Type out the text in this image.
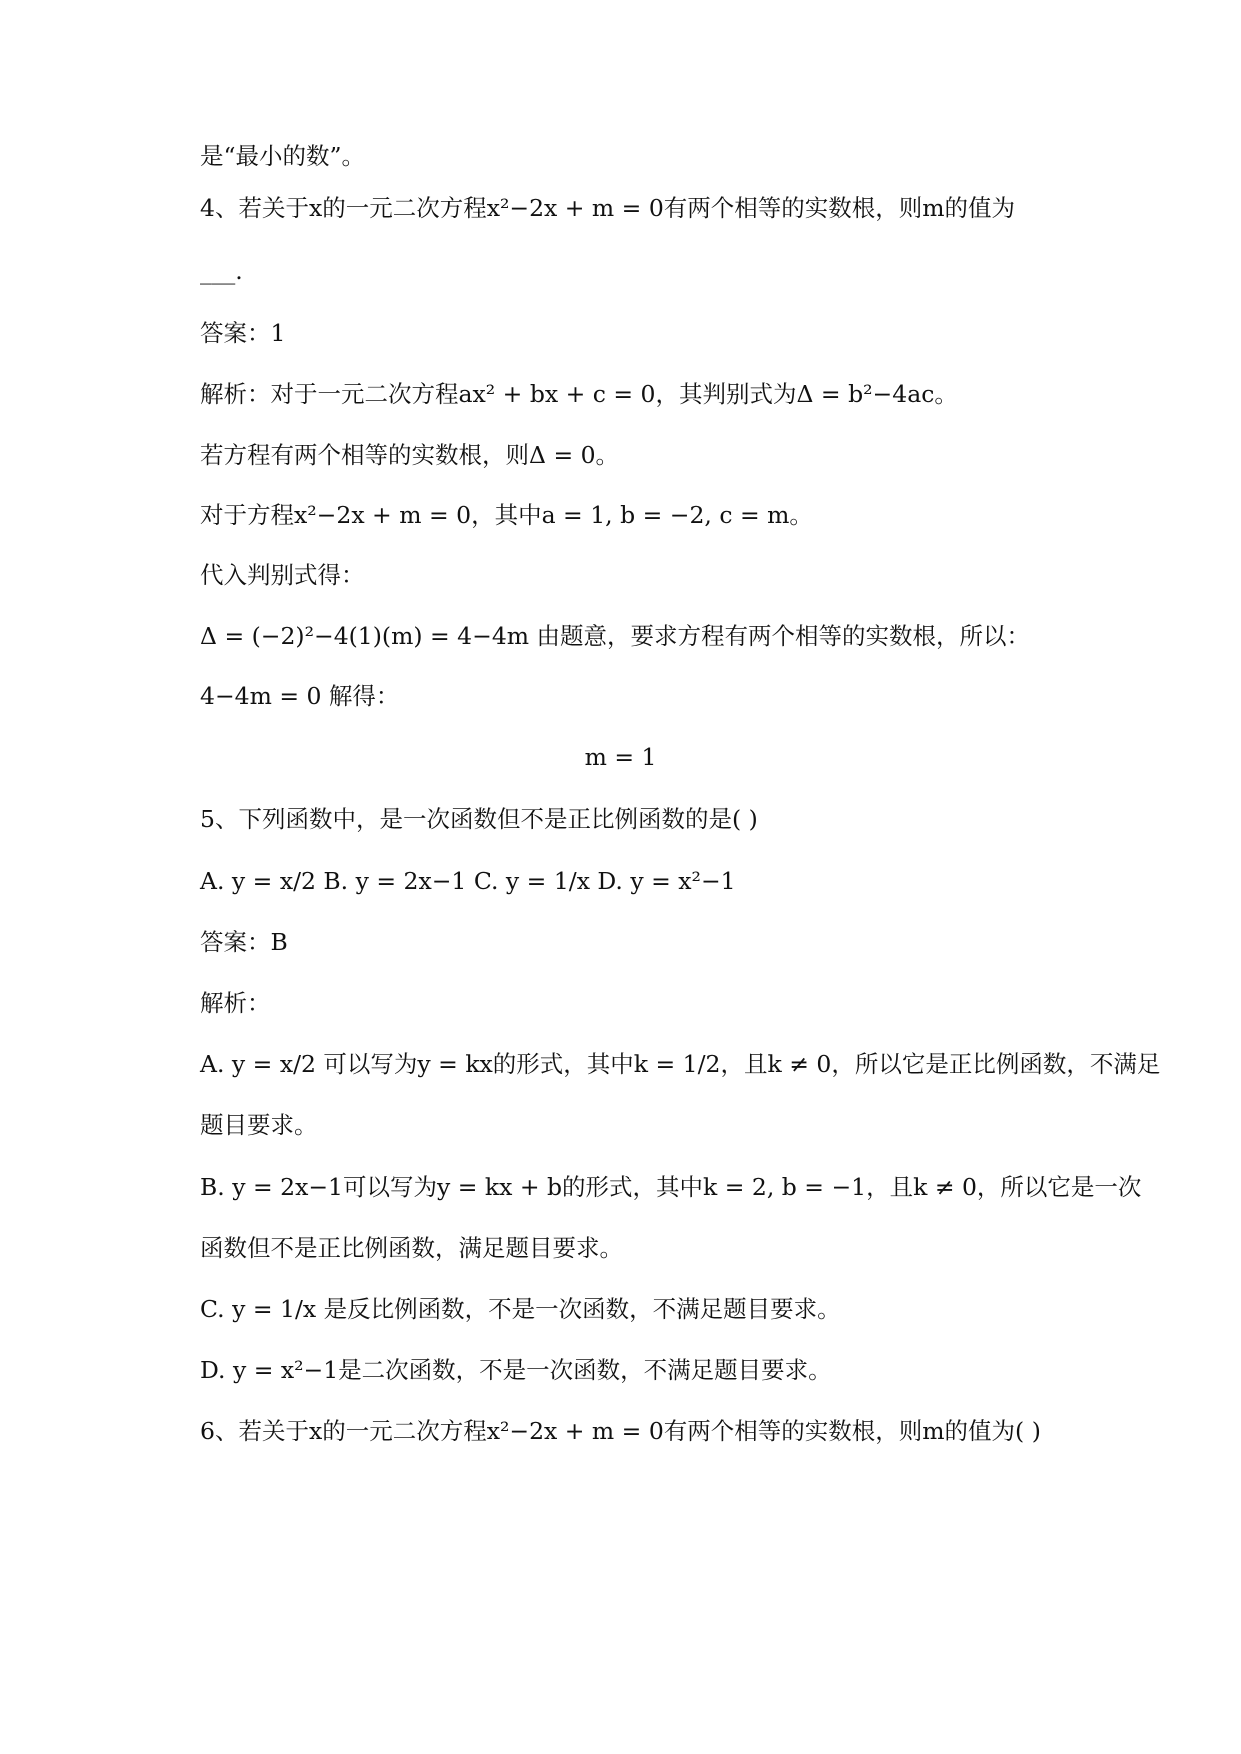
是“最小的数”。
4、若关于x的一元二次方程x²−2x + m = 0有两个相等的实数根，则m的值为
___.
答案：1
解析：对于一元二次方程ax² + bx + c = 0，其判别式为Δ = b²−4ac。
若方程有两个相等的实数根，则Δ = 0。
对于方程x²−2x + m = 0，其中a = 1, b = −2, c = m。
代入判别式得：
Δ = (−2)²−4(1)(m) = 4−4m 由题意，要求方程有两个相等的实数根，所以：
4−4m = 0 解得：
m = 1
5、下列函数中，是一次函数但不是正比例函数的是( )
A. y = x/2 B. y = 2x−1 C. y = 1/x D. y = x²−1
答案：B
解析：
A. y = x/2 可以写为y = kx的形式，其中k = 1/2，且k ≠ 0，所以它是正比例函数，不满足
题目要求。
B. y = 2x−1可以写为y = kx + b的形式，其中k = 2, b = −1，且k ≠ 0，所以它是一次
函数但不是正比例函数，满足题目要求。
C. y = 1/x 是反比例函数，不是一次函数，不满足题目要求。
D. y = x²−1是二次函数，不是一次函数，不满足题目要求。
6、若关于x的一元二次方程x²−2x + m = 0有两个相等的实数根，则m的值为( )
